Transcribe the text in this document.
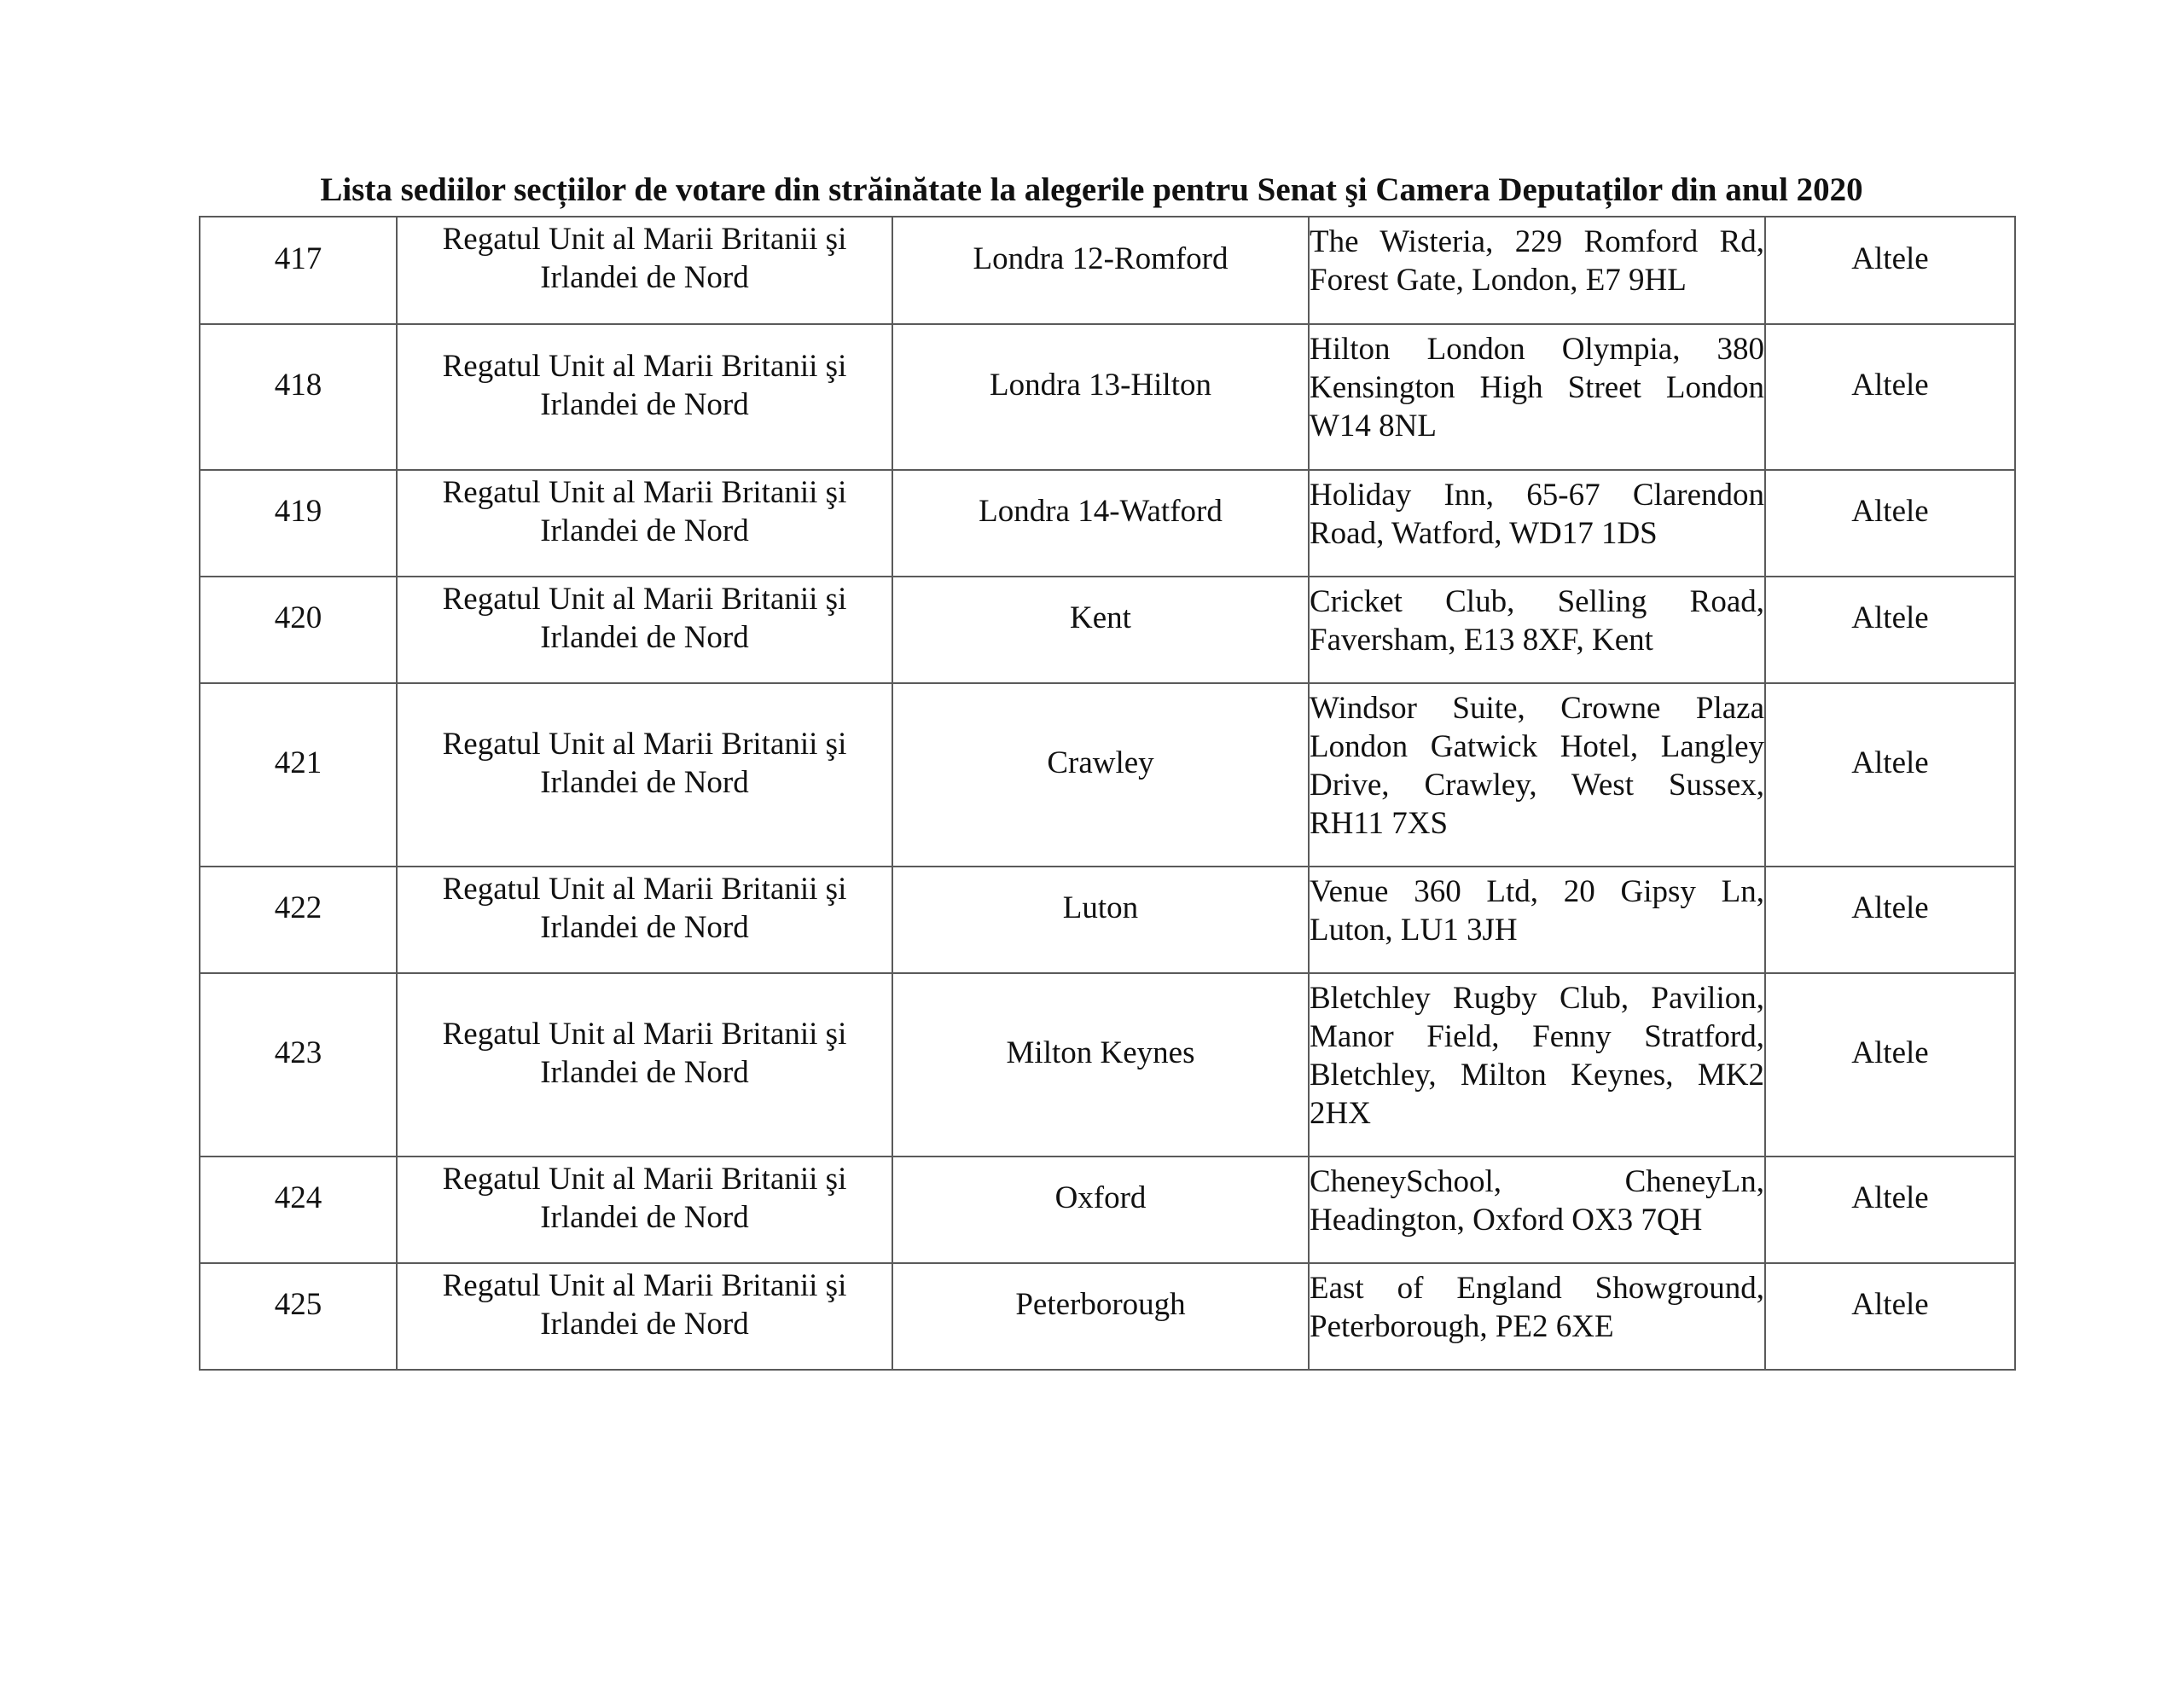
Lista sediilor secțiilor de votare din străinătate la alegerile pentru Senat şi Camera Deputaților din anul 2020
417	Regatul Unit al Marii Britanii şi Irlandei de Nord	Londra 12-Romford	The Wisteria, 229 Romford Rd, Forest Gate, London, E7 9HL	Altele
418	Regatul Unit al Marii Britanii şi Irlandei de Nord	Londra 13-Hilton	Hilton London Olympia, 380 Kensington High Street London W14 8NL	Altele
419	Regatul Unit al Marii Britanii şi Irlandei de Nord	Londra 14-Watford	Holiday Inn, 65-67 Clarendon Road, Watford, WD17 1DS	Altele
420	Regatul Unit al Marii Britanii şi Irlandei de Nord	Kent	Cricket Club, Selling Road, Faversham, E13 8XF, Kent	Altele
421	Regatul Unit al Marii Britanii şi Irlandei de Nord	Crawley	Windsor Suite, Crowne Plaza London Gatwick Hotel, Langley Drive, Crawley, West Sussex, RH11 7XS	Altele
422	Regatul Unit al Marii Britanii şi Irlandei de Nord	Luton	Venue 360 Ltd, 20 Gipsy Ln, Luton, LU1 3JH	Altele
423	Regatul Unit al Marii Britanii şi Irlandei de Nord	Milton Keynes	Bletchley Rugby Club, Pavilion, Manor Field, Fenny Stratford, Bletchley, Milton Keynes, MK2 2HX	Altele
424	Regatul Unit al Marii Britanii şi Irlandei de Nord	Oxford	CheneySchool, CheneyLn, Headington, Oxford OX3 7QH	Altele
425	Regatul Unit al Marii Britanii şi Irlandei de Nord	Peterborough	East of England Showground, Peterborough, PE2 6XE	Altele
